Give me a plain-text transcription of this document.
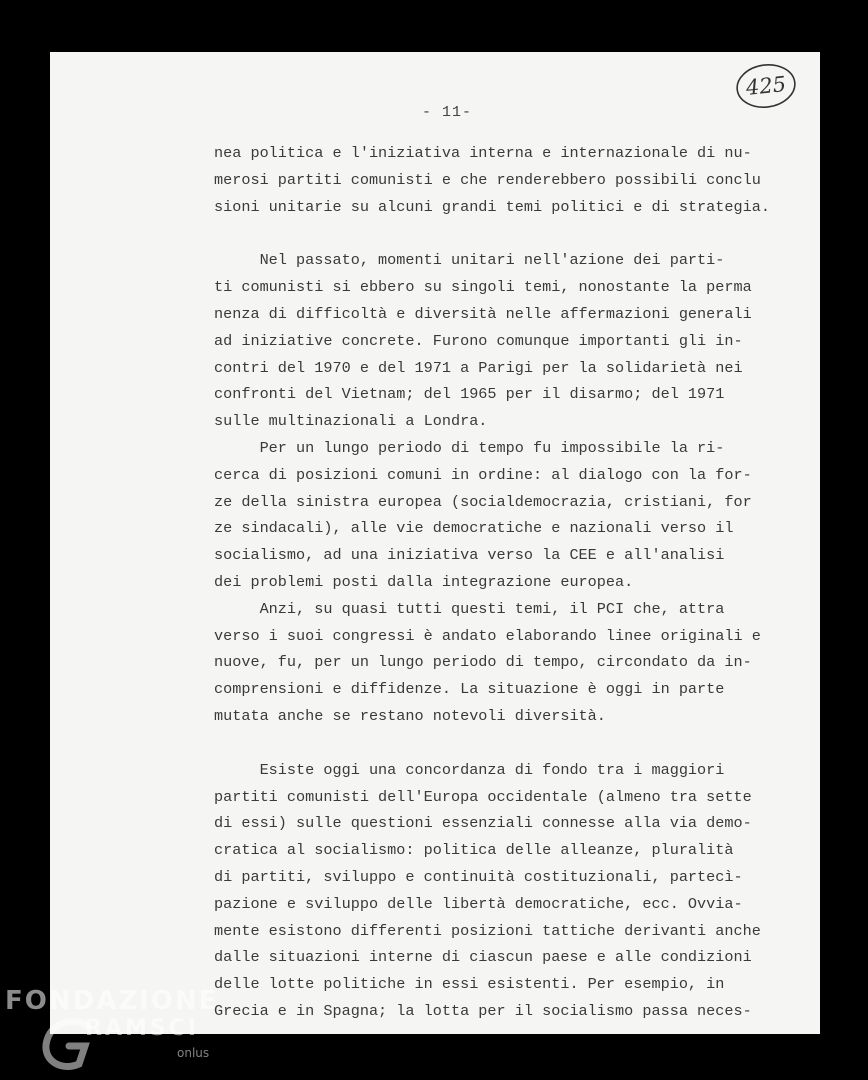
- 11-
425
nea politica e l'iniziativa interna e internazionale di nu-
merosi partiti comunisti e che renderebbero possibili conclu
sioni unitarie su alcuni grandi temi politici e di strategia.
Nel passato, momenti unitari nell'azione dei parti-
ti comunisti si ebbero su singoli temi, nonostante la perma
nenza di difficoltà e diversità nelle affermazioni generali
ad iniziative concrete. Furono comunque importanti gli in-
contri del 1970 e del 1971 a Parigi per la solidarietà nei
confronti del Vietnam; del 1965 per il disarmo; del 1971
sulle multinazionali a Londra.
Per un lungo periodo di tempo fu impossibile la ri-
cerca di posizioni comuni in ordine: al dialogo con la for-
ze della sinistra europea (socialdemocrazia, cristiani, for
ze sindacali), alle vie democratiche e nazionali verso il
socialismo, ad una iniziativa verso la CEE e all'analisi
dei problemi posti dalla integrazione europea.
Anzi, su quasi tutti questi temi, il PCI che, attra
verso i suoi congressi è andato elaborando linee originali e
nuove, fu, per un lungo periodo di tempo, circondato da in-
comprensioni e diffidenze. La situazione è oggi in parte
mutata anche se restano notevoli diversità.
Esiste oggi una concordanza di fondo tra i maggiori
partiti comunisti dell'Europa occidentale (almeno tra sette
di essi) sulle questioni essenziali connesse alla via demo-
cratica al socialismo: politica delle alleanze, pluralità
di partiti, sviluppo e continuità costituzionali, partecì-
pazione e sviluppo delle libertà democratiche, ecc. Ovvia-
mente esistono differenti posizioni tattiche derivanti anche
dalle situazioni interne di ciascun paese e alle condizioni
delle lotte politiche in essi esistenti. Per esempio, in
Grecia e in Spagna; la lotta per il socialismo passa neces-
FONDAZIONE
RAMSCI
onlus
